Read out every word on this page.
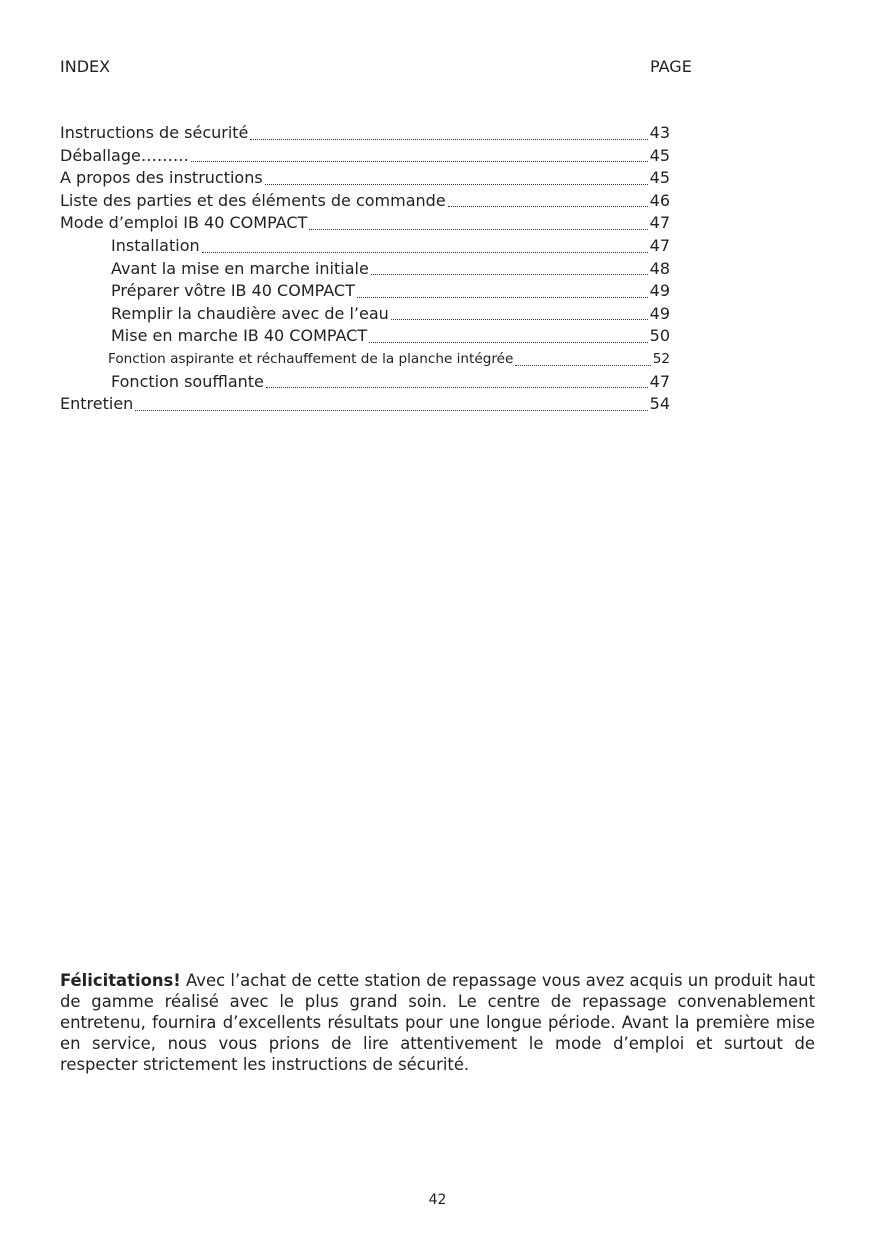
INDEX	PAGE
Instructions de sécurité	43
Déballage………	45
A propos des instructions	45
Liste des parties et des éléments de commande	46
Mode d’emploi IB 40 COMPACT	47
Installation	47
Avant la mise en marche initiale	48
Préparer vôtre IB 40 COMPACT	49
Remplir la chaudière avec de l’eau	49
Mise en marche IB 40 COMPACT	50
Fonction aspirante et réchauffement de la planche intégrée	52
Fonction soufflante	47
Entretien	54
Félicitations! Avec l’achat de cette station de repassage vous avez acquis un produit haut de gamme réalisé avec le plus grand soin. Le centre de repassage convenablement entretenu, fournira d’excellents résultats pour une longue période. Avant la première mise en service, nous vous prions de lire attentivement le mode d’emploi et surtout de respecter strictement les instructions de sécurité.
42
